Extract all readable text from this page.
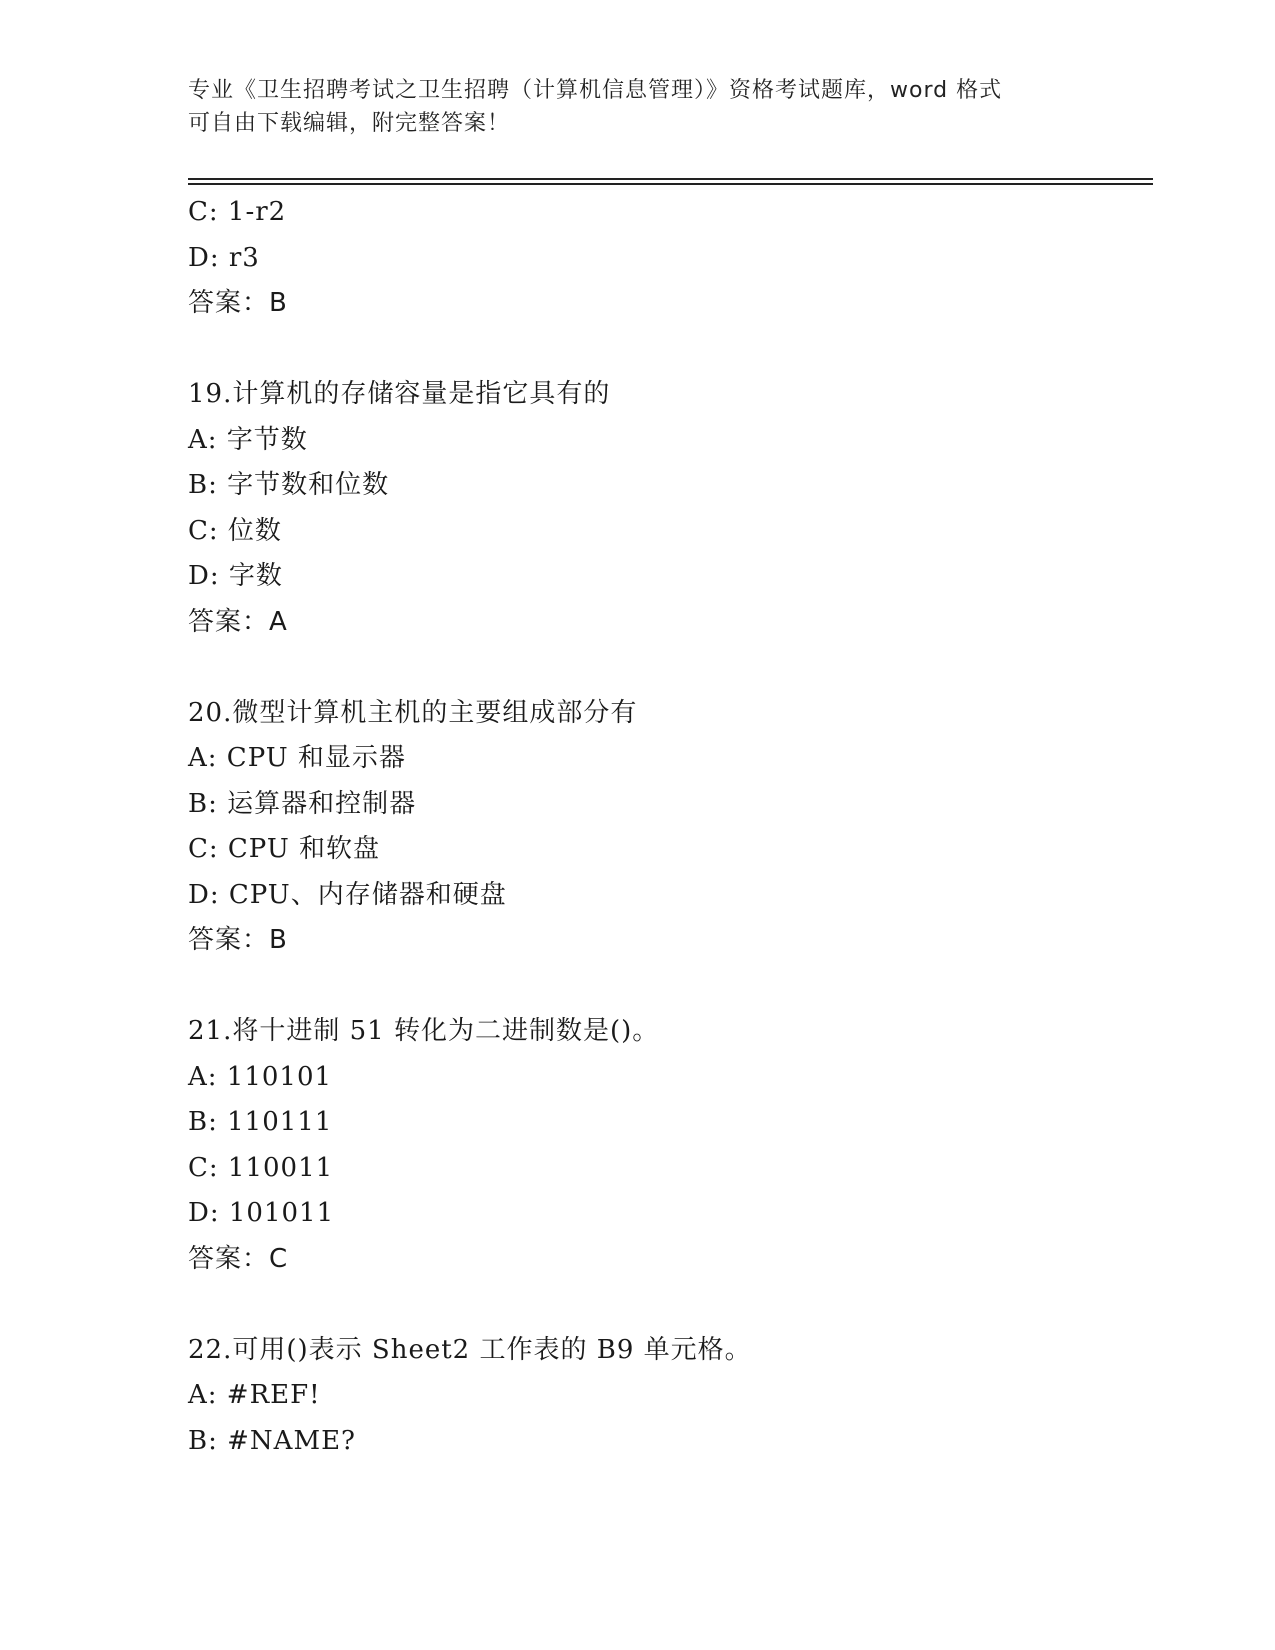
专业《卫生招聘考试之卫生招聘（计算机信息管理）》资格考试题库，word 格式
可自由下载编辑，附完整答案！
C: 1-r2
D: r3
答案：B
19.计算机的存储容量是指它具有的
A: 字节数
B: 字节数和位数
C: 位数
D: 字数
答案：A
20.微型计算机主机的主要组成部分有
A: CPU 和显示器
B: 运算器和控制器
C: CPU 和软盘
D: CPU、内存储器和硬盘
答案：B
21.将十进制 51 转化为二进制数是()。
A: 110101
B: 110111
C: 110011
D: 101011
答案：C
22.可用()表示 Sheet2 工作表的 B9 单元格。
A: #REF!
B: #NAME?
